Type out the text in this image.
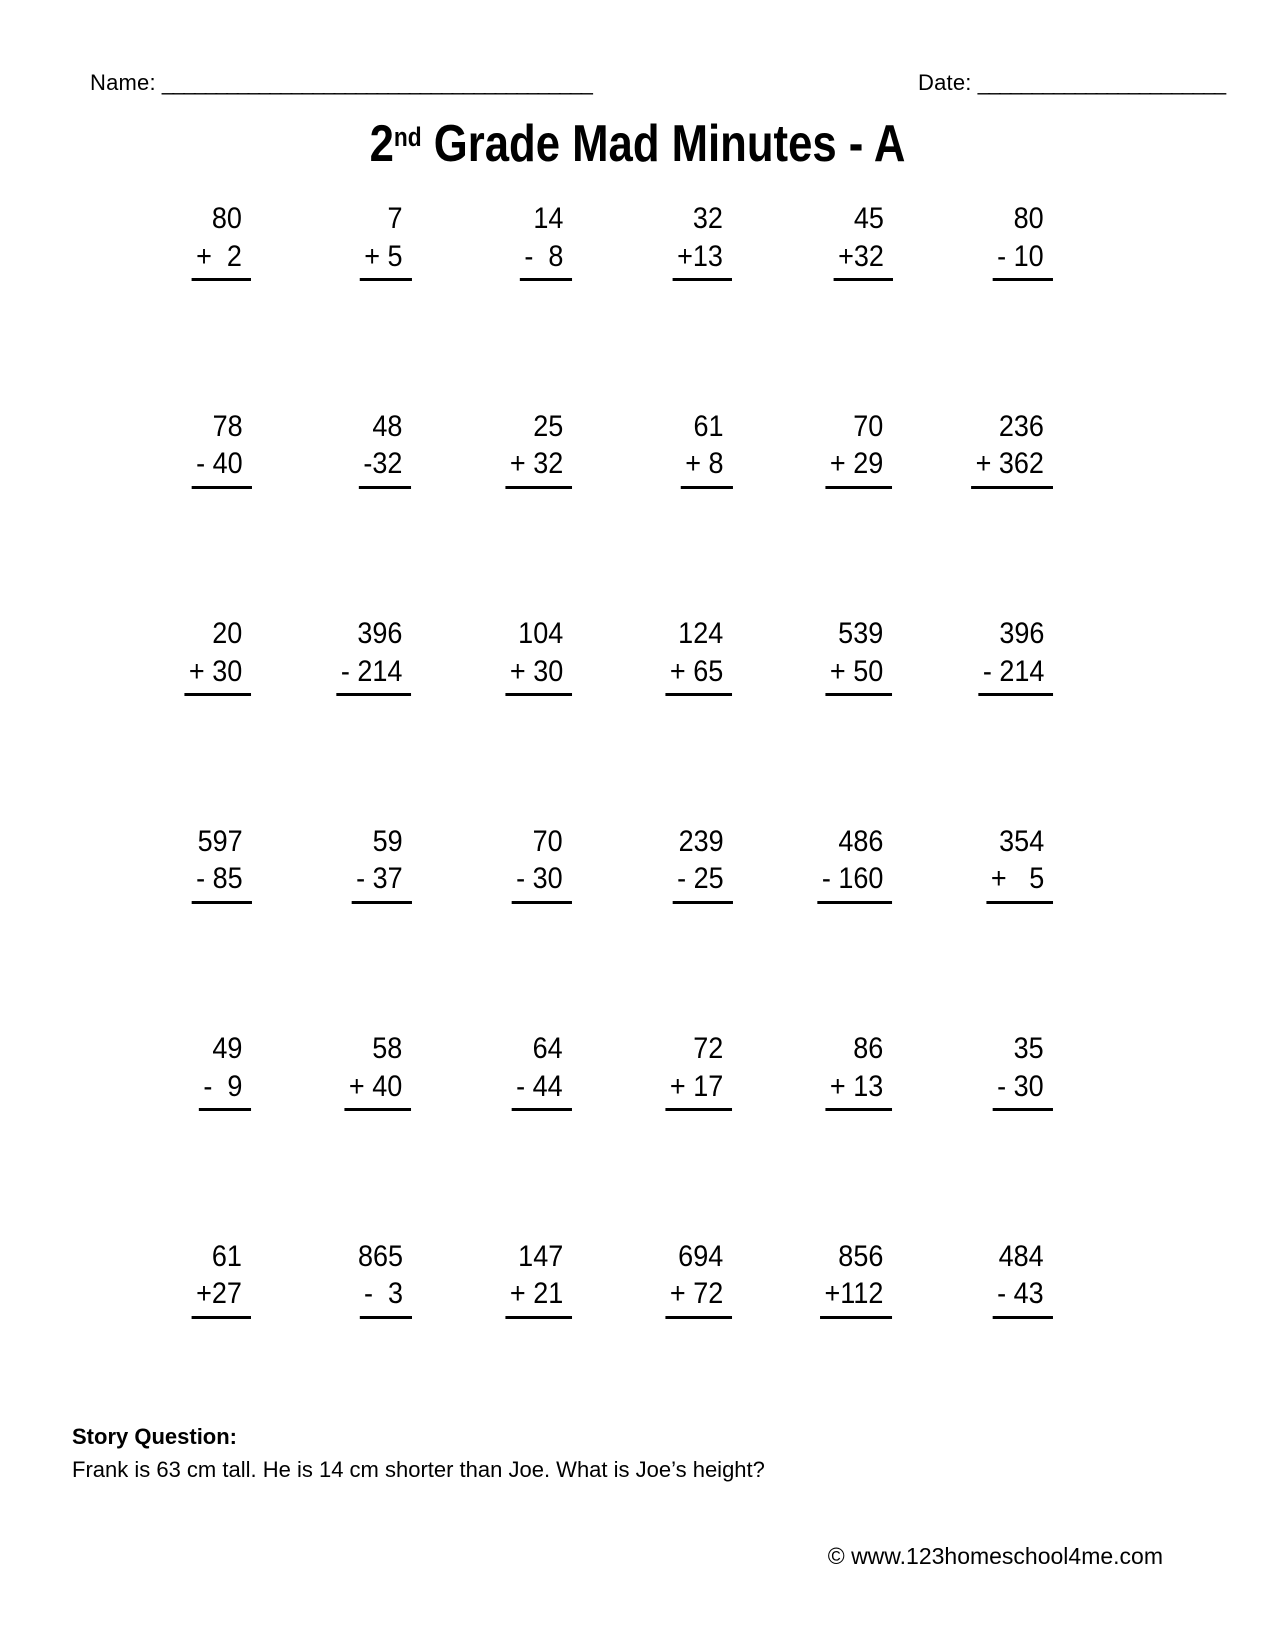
Name: ________________________________________	Date: _______________________
2nd Grade Mad Minutes - A
80
+  2
7
+ 5
14
-  8
32
+13
45
+32
80
- 10
78
- 40
48
-32
25
+ 32
61
+ 8
70
+ 29
236
+ 362
20
+ 30
396
- 214
104
+ 30
124
+ 65
539
+ 50
396
- 214
597
- 85
59
- 37
70
- 30
239
- 25
486
- 160
354
+   5
49
-  9
58
+ 40
64
- 44
72
+ 17
86
+ 13
35
- 30
61
+27
865
-  3
147
+ 21
694
+ 72
856
+112
484
- 43
Story Question:
Frank is 63 cm tall. He is 14 cm shorter than Joe. What is Joe’s height?
© www.123homeschool4me.com
